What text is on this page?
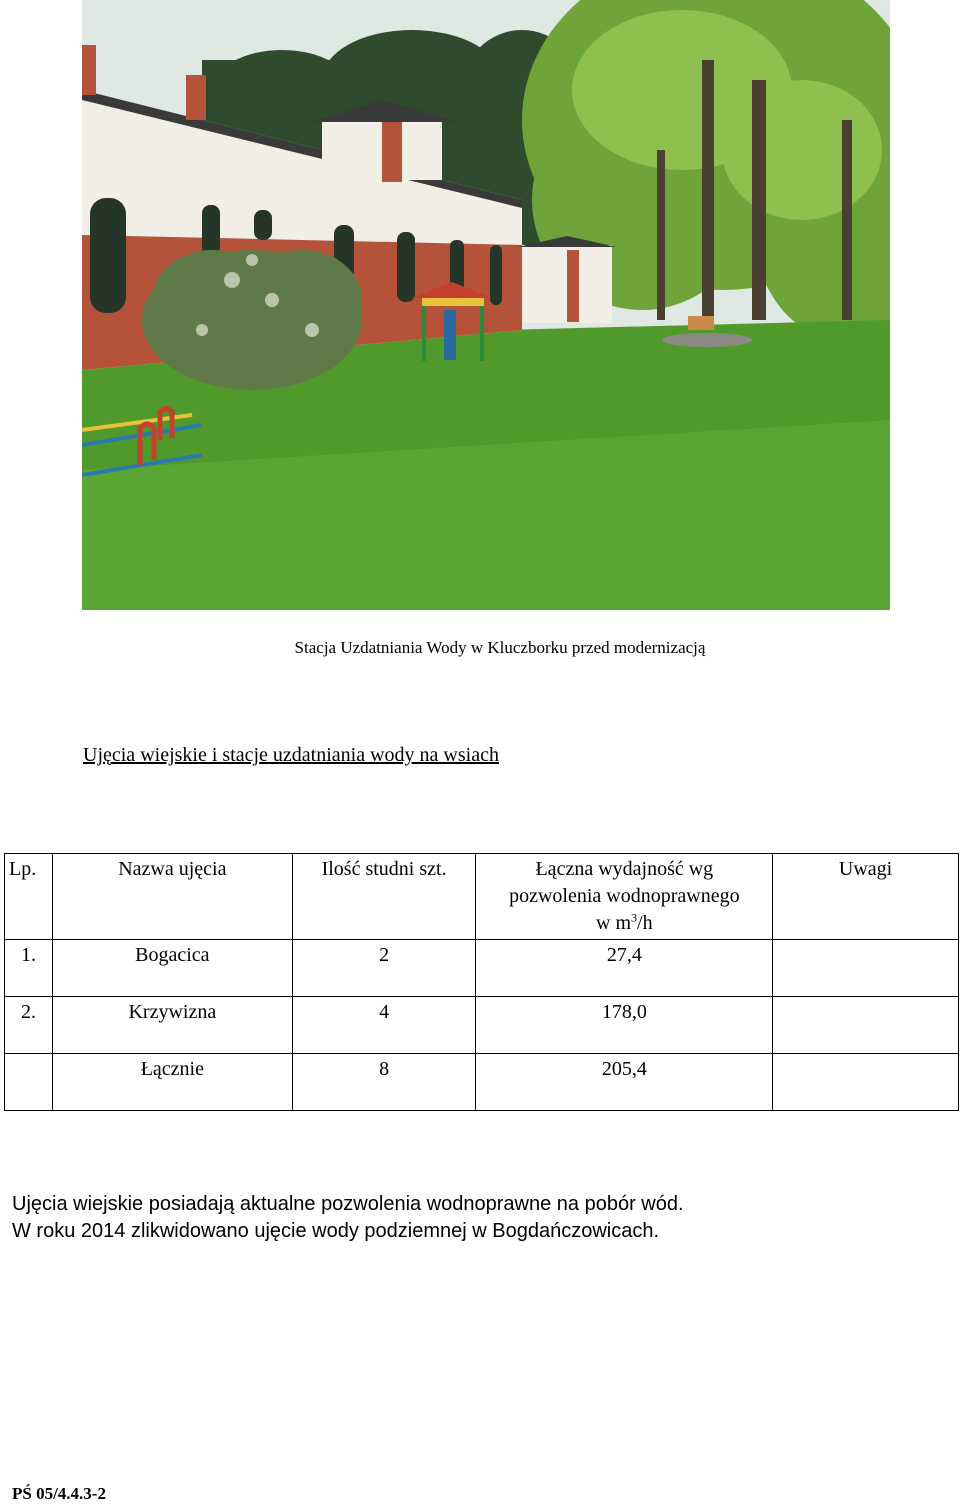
Stacja Uzdatniania Wody w Kluczborku przed modernizacją
Ujęcia wiejskie i stacje uzdatniania wody na wsiach
Lp.	Nazwa ujęcia	Ilość studni szt.	Łączna wydajność wg
pozwolenia wodnoprawnego
w $m^3/h$	Uwagi
1.	Bogacica	2	27,4	
2.	Krzywizna	4	178,0	
	Łącznie	8	205,4	
Ujęcia wiejskie posiadają aktualne pozwolenia wodnoprawne na pobór wód.
W roku 2014 zlikwidowano ujęcie wody podziemnej w Bogdańczowicach.
PŚ 05/4.4.3-2
